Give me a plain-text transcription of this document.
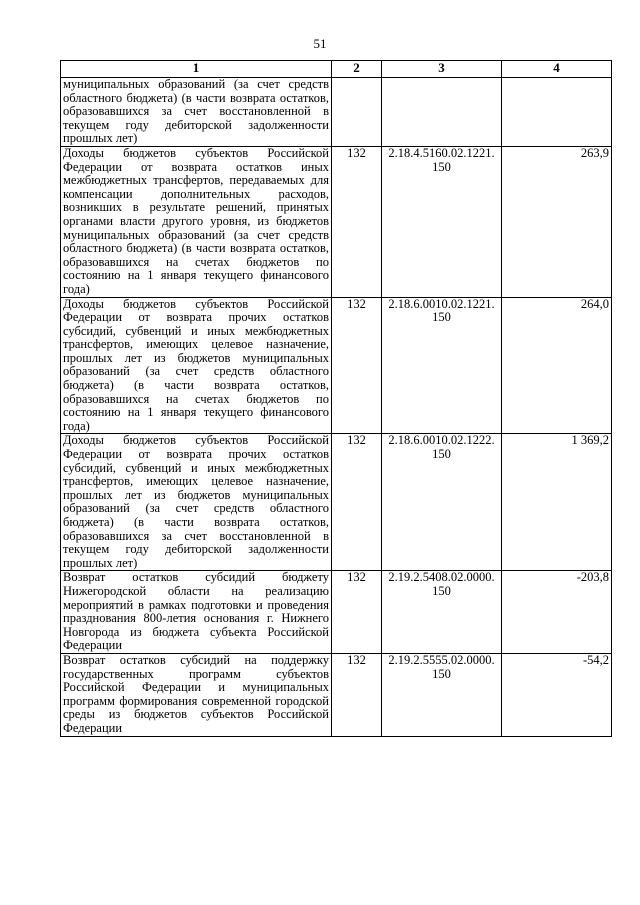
51
1	2	3	4
муниципальных образований (за счет средств областного бюджета) (в части возврата остатков, образовавшихся за счет восстановленной в текущем году дебиторской задолженности прошлых лет)			
Доходы бюджетов субъектов Российской Федерации от возврата остатков иных межбюджетных трансфертов, передаваемых для компенсации дополнительных расходов, возникших в результате решений, принятых органами власти другого уровня, из бюджетов муниципальных образований (за счет средств областного бюджета) (в части возврата остатков, образовавшихся на счетах бюджетов по состоянию на 1 января текущего финансового года)	132	2.18.4.5160.02.1221. 150	263,9
Доходы бюджетов субъектов Российской Федерации от возврата прочих остатков субсидий, субвенций и иных межбюджетных трансфертов, имеющих целевое назначение, прошлых лет из бюджетов муниципальных образований (за счет средств областного бюджета) (в части возврата остатков, образовавшихся на счетах бюджетов по состоянию на 1 января текущего финансового года)	132	2.18.6.0010.02.1221. 150	264,0
Доходы бюджетов субъектов Российской Федерации от возврата прочих остатков субсидий, субвенций и иных межбюджетных трансфертов, имеющих целевое назначение, прошлых лет из бюджетов муниципальных образований (за счет средств областного бюджета) (в части возврата остатков, образовавшихся за счет восстановленной в текущем году дебиторской задолженности прошлых лет)	132	2.18.6.0010.02.1222. 150	1 369,2
Возврат остатков субсидий бюджету Нижегородской области на реализацию мероприятий в рамках подготовки и проведения празднования 800-летия основания г. Нижнего Новгорода из бюджета субъекта Российской Федерации	132	2.19.2.5408.02.0000. 150	-203,8
Возврат остатков субсидий на поддержку государственных программ субъектов Российской Федерации и муниципальных программ формирования современной городской среды из бюджетов субъектов Российской Федерации	132	2.19.2.5555.02.0000. 150	-54,2
